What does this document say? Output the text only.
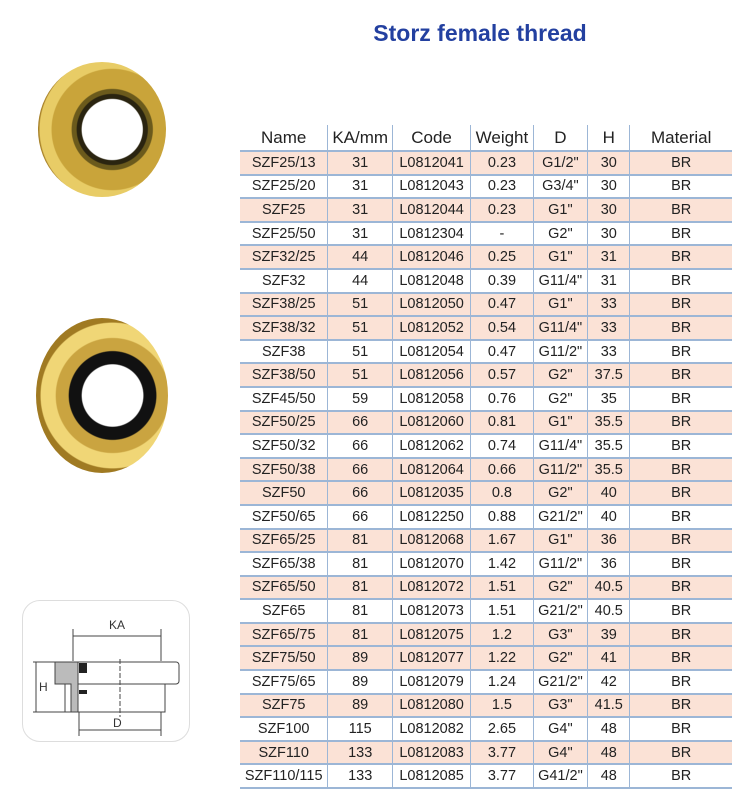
Storz female thread
KA
H
D
Name	KA/mm	Code	Weight	D	H	Material
SZF25/13	31	L0812041	0.23	G1/2"	30	BR
SZF25/20	31	L0812043	0.23	G3/4"	30	BR
SZF25	31	L0812044	0.23	G1"	30	BR
SZF25/50	31	L0812304	-	G2"	30	BR
SZF32/25	44	L0812046	0.25	G1"	31	BR
SZF32	44	L0812048	0.39	G11/4"	31	BR
SZF38/25	51	L0812050	0.47	G1"	33	BR
SZF38/32	51	L0812052	0.54	G11/4"	33	BR
SZF38	51	L0812054	0.47	G11/2"	33	BR
SZF38/50	51	L0812056	0.57	G2"	37.5	BR
SZF45/50	59	L0812058	0.76	G2"	35	BR
SZF50/25	66	L0812060	0.81	G1"	35.5	BR
SZF50/32	66	L0812062	0.74	G11/4"	35.5	BR
SZF50/38	66	L0812064	0.66	G11/2"	35.5	BR
SZF50	66	L0812035	0.8	G2"	40	BR
SZF50/65	66	L0812250	0.88	G21/2"	40	BR
SZF65/25	81	L0812068	1.67	G1"	36	BR
SZF65/38	81	L0812070	1.42	G11/2"	36	BR
SZF65/50	81	L0812072	1.51	G2"	40.5	BR
SZF65	81	L0812073	1.51	G21/2"	40.5	BR
SZF65/75	81	L0812075	1.2	G3"	39	BR
SZF75/50	89	L0812077	1.22	G2"	41	BR
SZF75/65	89	L0812079	1.24	G21/2"	42	BR
SZF75	89	L0812080	1.5	G3"	41.5	BR
SZF100	115	L0812082	2.65	G4"	48	BR
SZF110	133	L0812083	3.77	G4"	48	BR
SZF110/115	133	L0812085	3.77	G41/2"	48	BR
